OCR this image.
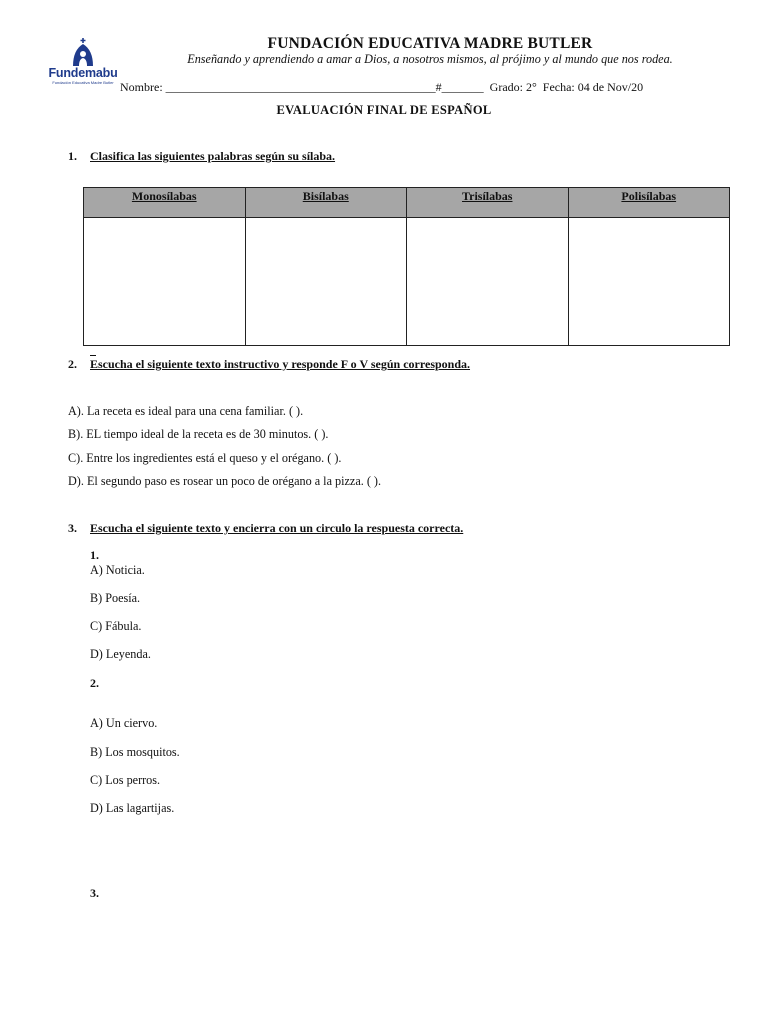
Fundemabu
Fundación Educativa Madre Butler
FUNDACIÓN EDUCATIVA MADRE BUTLER
Enseñando y aprendiendo a amar a Dios, a nosotros mismos, al prójimo y al mundo que nos rodea.
Nombre: _____________________________________________#_______  Grado: 2°  Fecha: 04 de Nov/20
EVALUACIÓN FINAL DE ESPAÑOL
1. Clasifica las siguientes palabras según su sílaba.
Monosílabas	Bisílabas	Trisílabas	Polisílabas

2. Escucha el siguiente texto instructivo y responde F o V según corresponda.
A). La receta es ideal para una cena familiar. ( ).
B). EL tiempo ideal de la receta es de 30 minutos. ( ).
C). Entre los ingredientes está el queso y el orégano. ( ).
D). El segundo paso es rosear un poco de orégano a la pizza. ( ).
3. Escucha el siguiente texto y encierra con un circulo la respuesta correcta.
1.
A) Noticia.
B) Poesía.
C) Fábula.
D) Leyenda.
2.
A) Un ciervo.
B) Los mosquitos.
C) Los perros.
D) Las lagartijas.
3.
